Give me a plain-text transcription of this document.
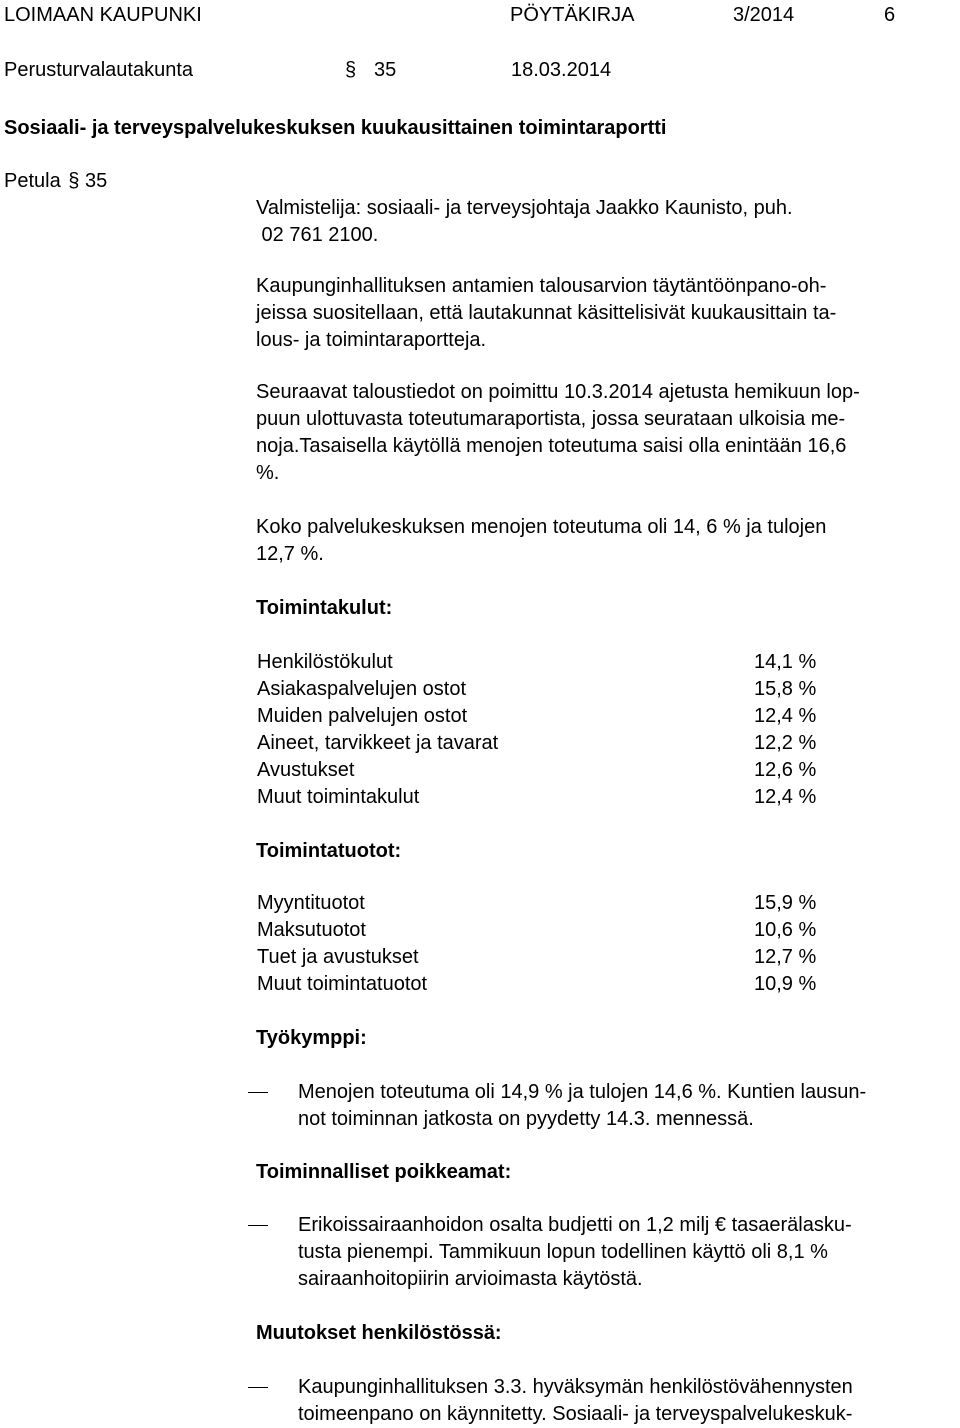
LOIMAAN KAUPUNKI	PÖYTÄKIRJA	3/2014	6
Perusturvalautakunta	§ 35	18.03.2014
Sosiaali- ja terveyspalvelukeskuksen kuukausittainen toimintaraportti
Petula § 35
Valmistelija: sosiaali- ja terveysjohtaja Jaakko Kaunisto, puh.
02 761 2100.
Kaupunginhallituksen antamien talousarvion täytäntöönpano-oh-
jeissa suositellaan, että lautakunnat käsittelisivät kuukausittain ta-
lous- ja toimintaraportteja.
Seuraavat taloustiedot on poimittu 10.3.2014 ajetusta hemikuun lop-
puun ulottuvasta toteutumaraportista, jossa seurataan ulkoisia me-
noja.Tasaisella käytöllä menojen toteutuma saisi olla enintään 16,6
%.
Koko palvelukeskuksen menojen toteutuma oli 14, 6 % ja tulojen
12,7 %.
Toimintakulut:
Henkilöstökulut	14,1 %
Asiakaspalvelujen ostot	15,8 %
Muiden palvelujen ostot	12,4 %
Aineet, tarvikkeet ja tavarat	12,2 %
Avustukset	12,6 %
Muut toimintakulut	12,4 %
Toimintatuotot:
Myyntituotot	15,9 %
Maksutuotot	10,6 %
Tuet ja avustukset	12,7 %
Muut toimintatuotot	10,9 %
Työkymppi:
Menojen toteutuma oli 14,9 % ja tulojen 14,6 %. Kuntien lausun-
not toiminnan jatkosta on pyydetty 14.3. mennessä.
Toiminnalliset poikkeamat:
Erikoissairaanhoidon osalta budjetti on 1,2 milj € tasaerälasku-
tusta pienempi. Tammikuun lopun todellinen käyttö oli 8,1 %
sairaanhoitopiirin arvioimasta käytöstä.
Muutokset henkilöstössä:
Kaupunginhallituksen 3.3. hyväksymän henkilöstövähennysten
toimeenpano on käynnitetty. Sosiaali- ja terveyspalvelukeskuk-
